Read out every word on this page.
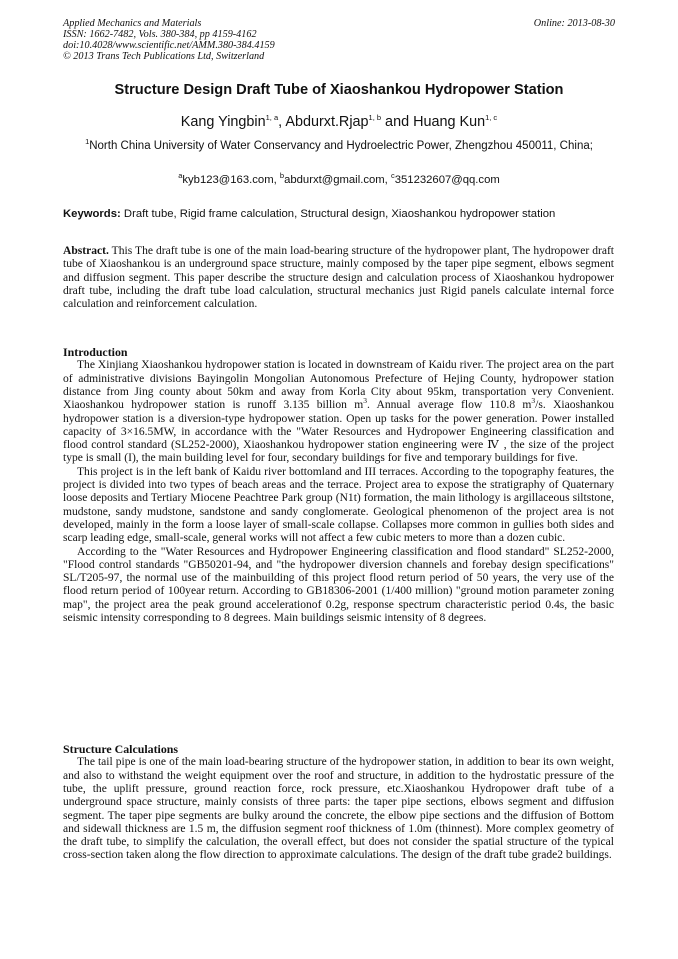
Applied Mechanics and Materials
ISSN: 1662-7482, Vols. 380-384, pp 4159-4162
doi:10.4028/www.scientific.net/AMM.380-384.4159
© 2013 Trans Tech Publications Ltd, Switzerland
Online: 2013-08-30
Structure Design Draft Tube of Xiaoshankou Hydropower Station
Kang Yingbin$^{1, a}$, Abdurxt.Rjap$^{1, b}$ and Huang Kun$^{1, c}$
$^1$North China University of Water Conservancy and Hydroelectric Power, Zhengzhou 450011, China;
$^a$kyb123@163.com, $^b$abdurxt@gmail.com, $^c$351232607@qq.com
Keywords: Draft tube, Rigid frame calculation, Structural design, Xiaoshankou hydropower station

Abstract. This The draft tube is one of the main load-bearing structure of the hydropower plant, The hydropower draft tube of Xiaoshankou is an underground space structure, mainly composed by the taper pipe segment, elbows segment and diffusion segment. This paper describe the structure design and calculation process of Xiaoshankou hydropower draft tube, including the draft tube load calculation, structural mechanics just Rigid panels calculate internal force calculation and reinforcement calculation.

Introduction

The Xinjiang Xiaoshankou hydropower station is located in downstream of Kaidu river. The project area on the part of administrative divisions Bayingolin Mongolian Autonomous Prefecture of Hejing County, hydropower station distance from Jing county about 50km and away from Korla City about 95km, transportation very Convenient. Xiaoshankou hydropower station is runoff 3.135 billion $m^3$. Annual average flow 110.8 $m^3/s$. Xiaoshankou hydropower station is a diversion-type hydropower station. Open up tasks for the power generation. Power installed capacity of 3×16.5MW, in accordance with the "Water Resources and Hydropower Engineering classification and flood control standard (SL252-2000), Xiaoshankou hydropower station engineering were Ⅳ , the size of the project type is small (I), the main building level for four, secondary buildings for five and temporary buildings for five.

This project is in the left bank of Kaidu river bottomland and III terraces. According to the topography features, the project is divided into two types of beach areas and the terrace. Project area to expose the stratigraphy of Quaternary loose deposits and Tertiary Miocene Peachtree Park group (N1t) formation, the main lithology is argillaceous siltstone, mudstone, sandy mudstone, sandstone and sandy conglomerate. Geological phenomenon of the project area is not developed, mainly in the form a loose layer of small-scale collapse. Collapses more common in gullies both sides and scarp leading edge, small-scale, general works will not affect a few cubic meters to more than a dozen cubic.

According to the "Water Resources and Hydropower Engineering classification and flood standard" SL252-2000, "Flood control standards "GB50201-94, and "the hydropower diversion channels and forebay design specifications" SL/T205-97, the normal use of the mainbuilding of this project flood return period of 50 years, the very use of the flood return period of 100year return. According to GB18306-2001 (1/400 million) "ground motion parameter zoning map", the project area the peak ground accelerationof 0.2g, response spectrum characteristic period 0.4s, the basic seismic intensity corresponding to 8 degrees. Main buildings seismic intensity of 8 degrees.

Structure Calculations

The tail pipe is one of the main load-bearing structure of the hydropower station, in addition to bear its own weight, and also to withstand the weight equipment over the roof and structure, in addition to the hydrostatic pressure of the tube, the uplift pressure, ground reaction force, rock pressure, etc.Xiaoshankou Hydropower draft tube of a underground space structure, mainly consists of three parts: the taper pipe sections, elbows segment and diffusion segment. The taper pipe segments are bulky around the concrete, the elbow pipe sections and the diffusion of Bottom and sidewall thickness are 1.5 m, the diffusion segment roof thickness of 1.0m (thinnest). More complex geometry of the draft tube, to simplify the calculation, the overall effect, but does not consider the spatial structure of the typical cross-section taken along the flow direction to approximate calculations. The design of the draft tube grade2 buildings.
